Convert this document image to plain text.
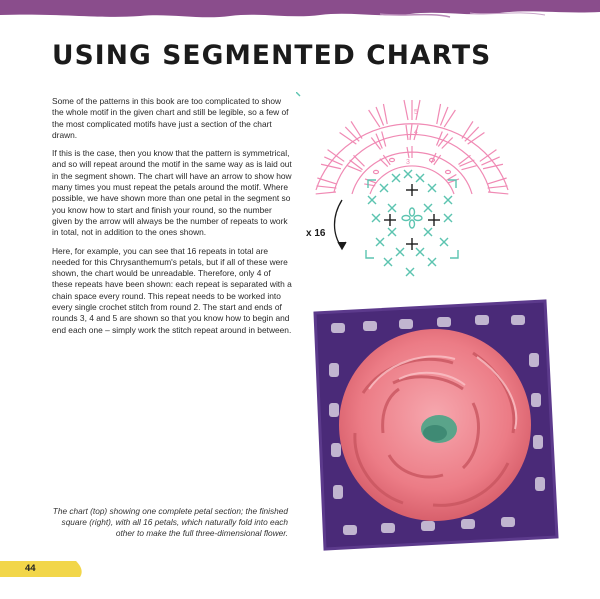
USING SEGMENTED CHARTS

Some of the patterns in this book are too complicated to show the whole motif in the given chart and still be legible, so a few of the most complicated motifs have just a section of the chart drawn.

If this is the case, then you know that the pattern is symmetrical, and so will repeat around the motif in the same way as is laid out in the segment shown. The chart will have an arrow to show how many times you must repeat the petals around the motif. Where possible, we have shown more than one petal in the segment so you know how to start and finish your round, so the number given by the arrow will always be the number of repeats to work in total, not in addition to the ones shown.

Here, for example, you can see that 16 repeats in total are needed for this Chrysanthemum's petals, but if all of these were shown, the chart would be unreadable. Therefore, only 4 of these repeats have been shown: each repeat is separated with a chain space every round. This repeat needs to be worked into every single crochet stitch from round 2. The start and ends of rounds 3, 4 and 5 are shown so that you know how to begin and end each one – simply work the stitch repeat around in between.

5
4
3
x 16
The chart (top) showing one complete petal section; the finished square (right), with all 16 petals, which naturally fold into each other to make the full three-dimensional flower.
44
